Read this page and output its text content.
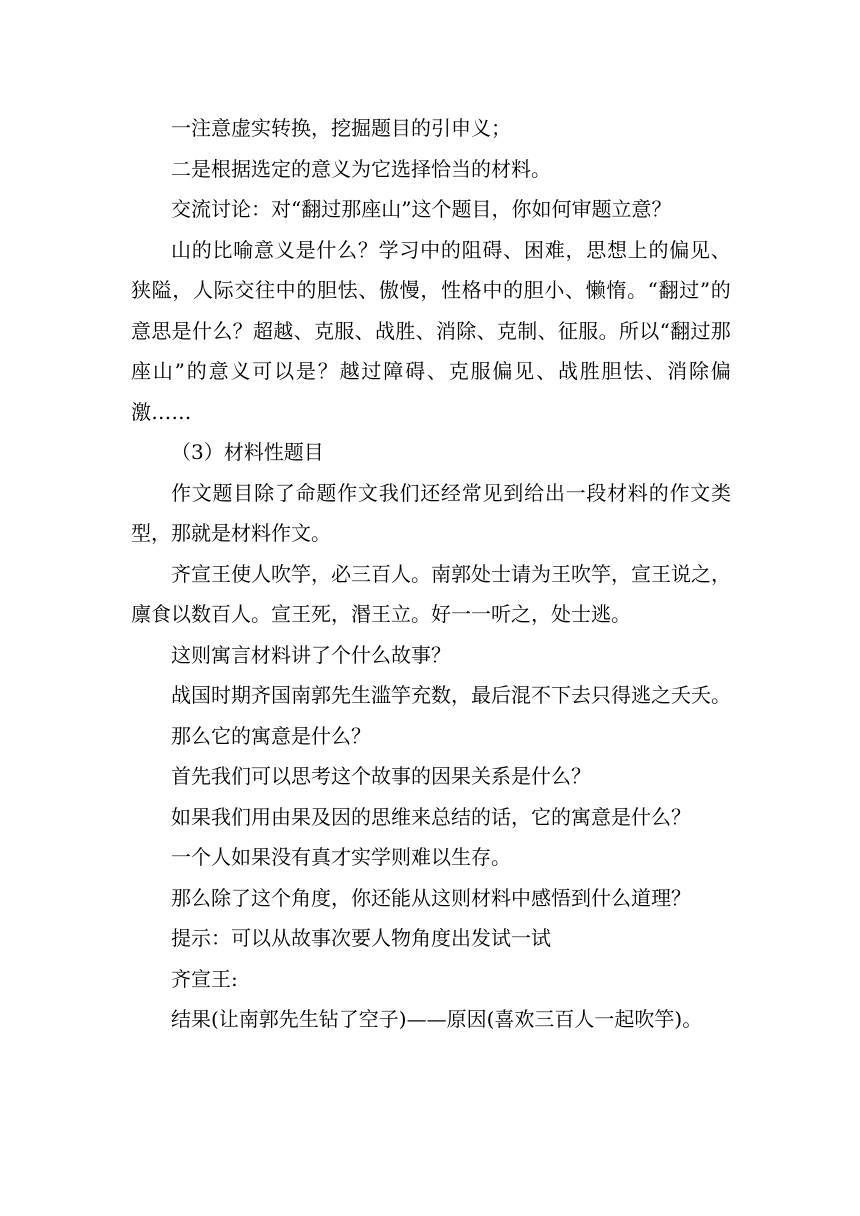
一注意虚实转换，挖掘题目的引申义；

二是根据选定的意义为它选择恰当的材料。

交流讨论：对“翻过那座山”这个题目，你如何审题立意？

山的比喻意义是什么？学习中的阻碍、困难，思想上的偏见、狭隘，人际交往中的胆怯、傲慢，性格中的胆小、懒惰。“翻过”的意思是什么？超越、克服、战胜、消除、克制、征服。所以“翻过那座山”的意义可以是？越过障碍、克服偏见、战胜胆怯、消除偏激……

（3）材料性题目

作文题目除了命题作文我们还经常见到给出一段材料的作文类型，那就是材料作文。

齐宣王使人吹竽，必三百人。南郭处士请为王吹竽，宣王说之，廪食以数百人。宣王死，湣王立。好一一听之，处士逃。

这则寓言材料讲了个什么故事？

战国时期齐国南郭先生滥竽充数，最后混不下去只得逃之夭夭。

那么它的寓意是什么？

首先我们可以思考这个故事的因果关系是什么？

如果我们用由果及因的思维来总结的话，它的寓意是什么？

一个人如果没有真才实学则难以生存。

那么除了这个角度，你还能从这则材料中感悟到什么道理？

提示：可以从故事次要人物角度出发试一试

齐宣王:

结果(让南郭先生钻了空子)——原因(喜欢三百人一起吹竽)。
